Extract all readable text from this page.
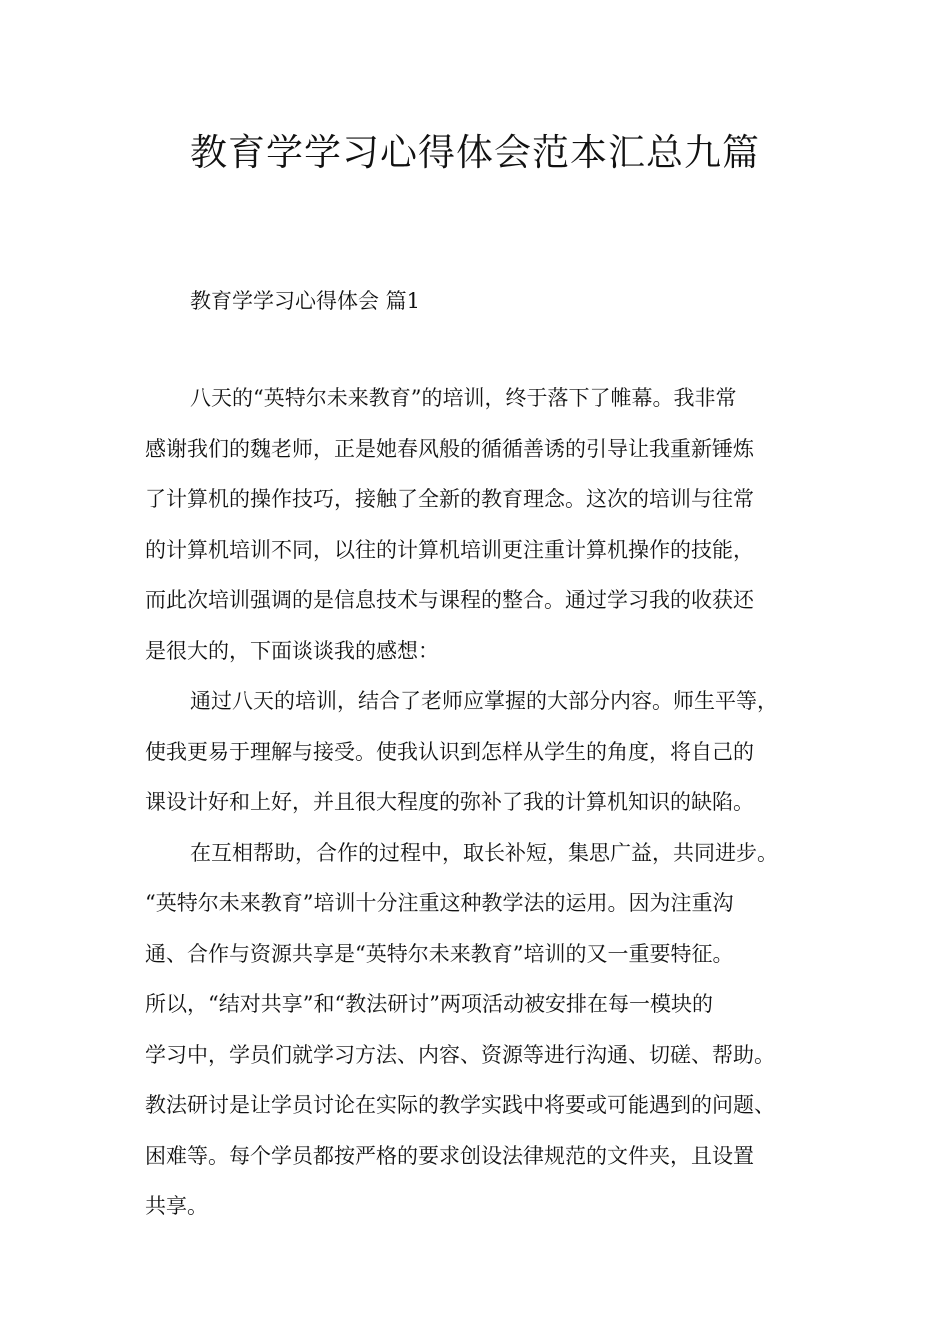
教育学学习心得体会范本汇总九篇
教育学学习心得体会 篇1
八天的“英特尔未来教育”的培训，终于落下了帷幕。我非常
感谢我们的魏老师，正是她春风般的循循善诱的引导让我重新锤炼
了计算机的操作技巧，接触了全新的教育理念。这次的培训与往常
的计算机培训不同，以往的计算机培训更注重计算机操作的技能，
而此次培训强调的是信息技术与课程的整合。通过学习我的收获还
是很大的，下面谈谈我的感想：
通过八天的培训，结合了老师应掌握的大部分内容。师生平等，
使我更易于理解与接受。使我认识到怎样从学生的角度，将自己的
课设计好和上好，并且很大程度的弥补了我的计算机知识的缺陷。
在互相帮助，合作的过程中，取长补短，集思广益，共同进步。
“英特尔未来教育”培训十分注重这种教学法的运用。因为注重沟
通、合作与资源共享是“英特尔未来教育”培训的又一重要特征。
所以，“结对共享”和“教法研讨”两项活动被安排在每一模块的
学习中，学员们就学习方法、内容、资源等进行沟通、切磋、帮助。
教法研讨是让学员讨论在实际的教学实践中将要或可能遇到的问题、
困难等。每个学员都按严格的要求创设法律规范的文件夹，且设置
共享。
